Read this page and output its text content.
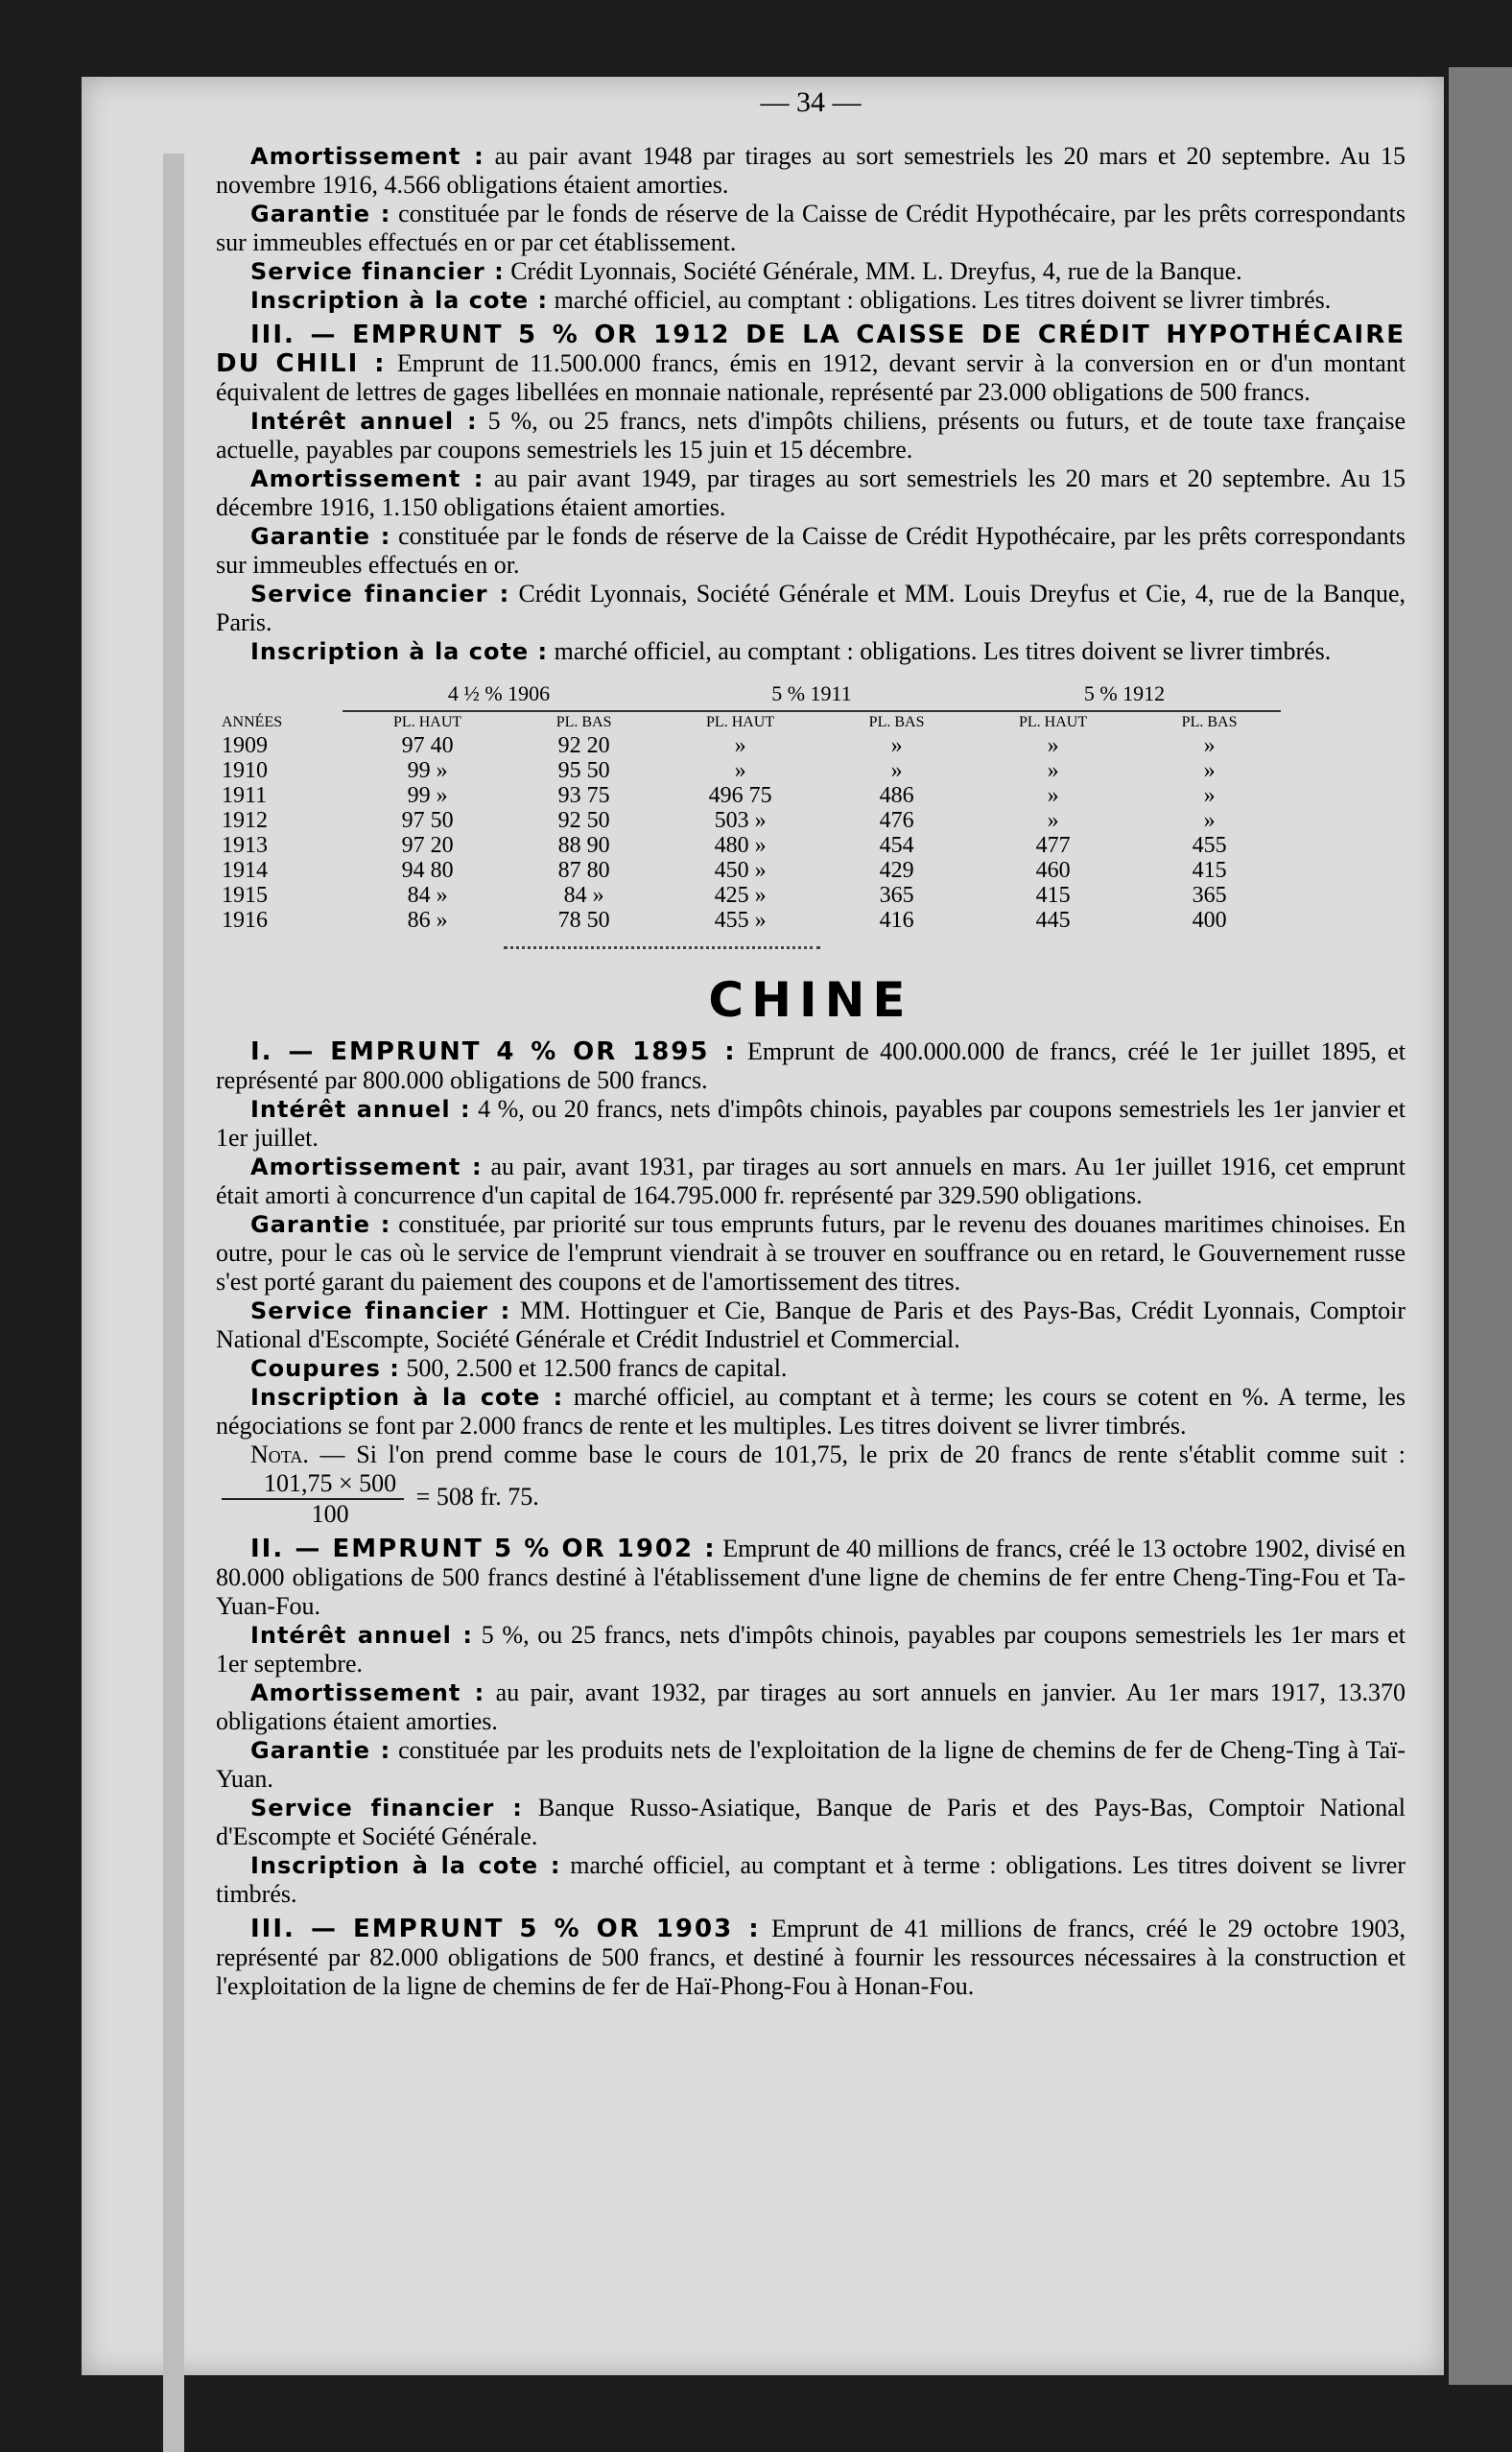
— 34 —

Amortissement : au pair avant 1948 par tirages au sort semestriels les 20 mars et 20 septembre. Au 15 novembre 1916, 4.566 obligations étaient amorties.

Garantie : constituée par le fonds de réserve de la Caisse de Crédit Hypothécaire, par les prêts correspondants sur immeubles effectués en or par cet établissement.

Service financier : Crédit Lyonnais, Société Générale, MM. L. Dreyfus, 4, rue de la Banque.

Inscription à la cote : marché officiel, au comptant : obligations. Les titres doivent se livrer timbrés.

III. — EMPRUNT 5 % OR 1912 DE LA CAISSE DE CRÉDIT HYPOTHÉCAIRE DU CHILI : Emprunt de 11.500.000 francs, émis en 1912, devant servir à la conversion en or d'un montant équivalent de lettres de gages libellées en monnaie nationale, représenté par 23.000 obligations de 500 francs.

Intérêt annuel : 5 %, ou 25 francs, nets d'impôts chiliens, présents ou futurs, et de toute taxe française actuelle, payables par coupons semestriels les 15 juin et 15 décembre.

Amortissement : au pair avant 1949, par tirages au sort semestriels les 20 mars et 20 septembre. Au 15 décembre 1916, 1.150 obligations étaient amorties.

Garantie : constituée par le fonds de réserve de la Caisse de Crédit Hypothécaire, par les prêts correspondants sur immeubles effectués en or.

Service financier : Crédit Lyonnais, Société Générale et MM. Louis Dreyfus et Cie, 4, rue de la Banque, Paris.

Inscription à la cote : marché officiel, au comptant : obligations. Les titres doivent se livrer timbrés.

	4 ½ % 1906		5 % 1911		5 % 1912	
ANNÉES	PL. HAUT	PL. BAS	PL. HAUT	PL. BAS	PL. HAUT	PL. BAS
1909	97 40	92 20	»	»	»	»
1910	99 »	95 50	»	»	»	»
1911	99 »	93 75	496 75	486	»	»
1912	97 50	92 50	503 »	476	»	»
1913	97 20	88 90	480 »	454	477	455
1914	94 80	87 80	450 »	429	460	415
1915	84 »	84 »	425 »	365	415	365
1916	86 »	78 50	455 »	416	445	400
CHINE

I. — EMPRUNT 4 % OR 1895 : Emprunt de 400.000.000 de francs, créé le 1er juillet 1895, et représenté par 800.000 obligations de 500 francs.

Intérêt annuel : 4 %, ou 20 francs, nets d'impôts chinois, payables par coupons semestriels les 1er janvier et 1er juillet.

Amortissement : au pair, avant 1931, par tirages au sort annuels en mars. Au 1er juillet 1916, cet emprunt était amorti à concurrence d'un capital de 164.795.000 fr. représenté par 329.590 obligations.

Garantie : constituée, par priorité sur tous emprunts futurs, par le revenu des douanes maritimes chinoises. En outre, pour le cas où le service de l'emprunt viendrait à se trouver en souffrance ou en retard, le Gouvernement russe s'est porté garant du paiement des coupons et de l'amortissement des titres.

Service financier : MM. Hottinguer et Cie, Banque de Paris et des Pays-Bas, Crédit Lyonnais, Comptoir National d'Escompte, Société Générale et Crédit Industriel et Commercial.

Coupures : 500, 2.500 et 12.500 francs de capital.

Inscription à la cote : marché officiel, au comptant et à terme; les cours se cotent en %. A terme, les négociations se font par 2.000 francs de rente et les multiples. Les titres doivent se livrer timbrés.

Nota. — Si l'on prend comme base le cours de 101,75, le prix de 20 francs de rente s'établit comme suit :
$\frac{101,75 \times 500}{100} = 508$ fr. 75.

II. — EMPRUNT 5 % OR 1902 : Emprunt de 40 millions de francs, créé le 13 octobre 1902, divisé en 80.000 obligations de 500 francs destiné à l'établissement d'une ligne de chemins de fer entre Cheng-Ting-Fou et Ta-Yuan-Fou.

Intérêt annuel : 5 %, ou 25 francs, nets d'impôts chinois, payables par coupons semestriels les 1er mars et 1er septembre.

Amortissement : au pair, avant 1932, par tirages au sort annuels en janvier. Au 1er mars 1917, 13.370 obligations étaient amorties.

Garantie : constituée par les produits nets de l'exploitation de la ligne de chemins de fer de Cheng-Ting à Taï-Yuan.

Service financier : Banque Russo-Asiatique, Banque de Paris et des Pays-Bas, Comptoir National d'Escompte et Société Générale.

Inscription à la cote : marché officiel, au comptant et à terme : obligations. Les titres doivent se livrer timbrés.

III. — EMPRUNT 5 % OR 1903 : Emprunt de 41 millions de francs, créé le 29 octobre 1903, représenté par 82.000 obligations de 500 francs, et destiné à fournir les ressources nécessaires à la construction et l'exploitation de la ligne de chemins de fer de Haï-Phong-Fou à Honan-Fou.
